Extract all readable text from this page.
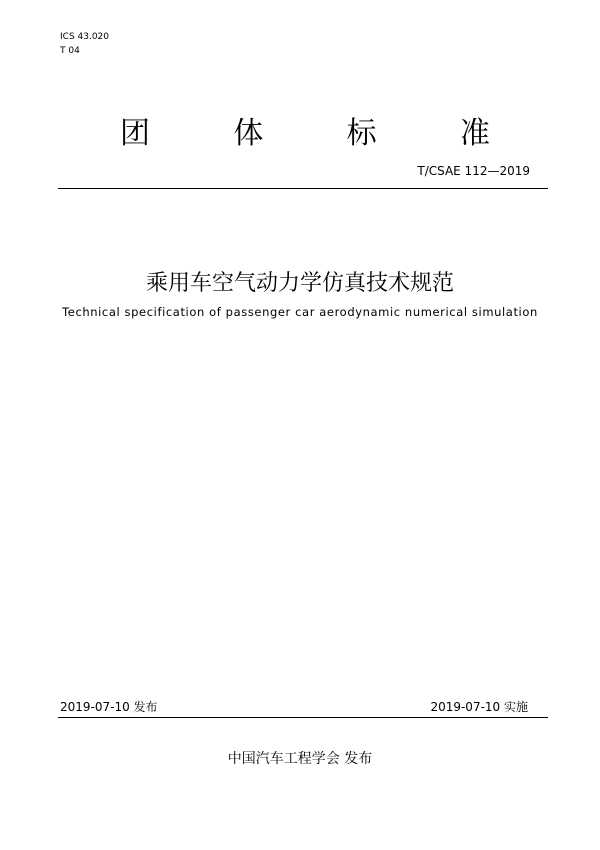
ICS 43.020
T 04
团	体	标	准
T/CSAE 112—2019
乘用车空气动力学仿真技术规范
Technical specification of passenger car aerodynamic numerical simulation
2019-07-10 发布	2019-07-10 实施
中国汽车工程学会 发布
